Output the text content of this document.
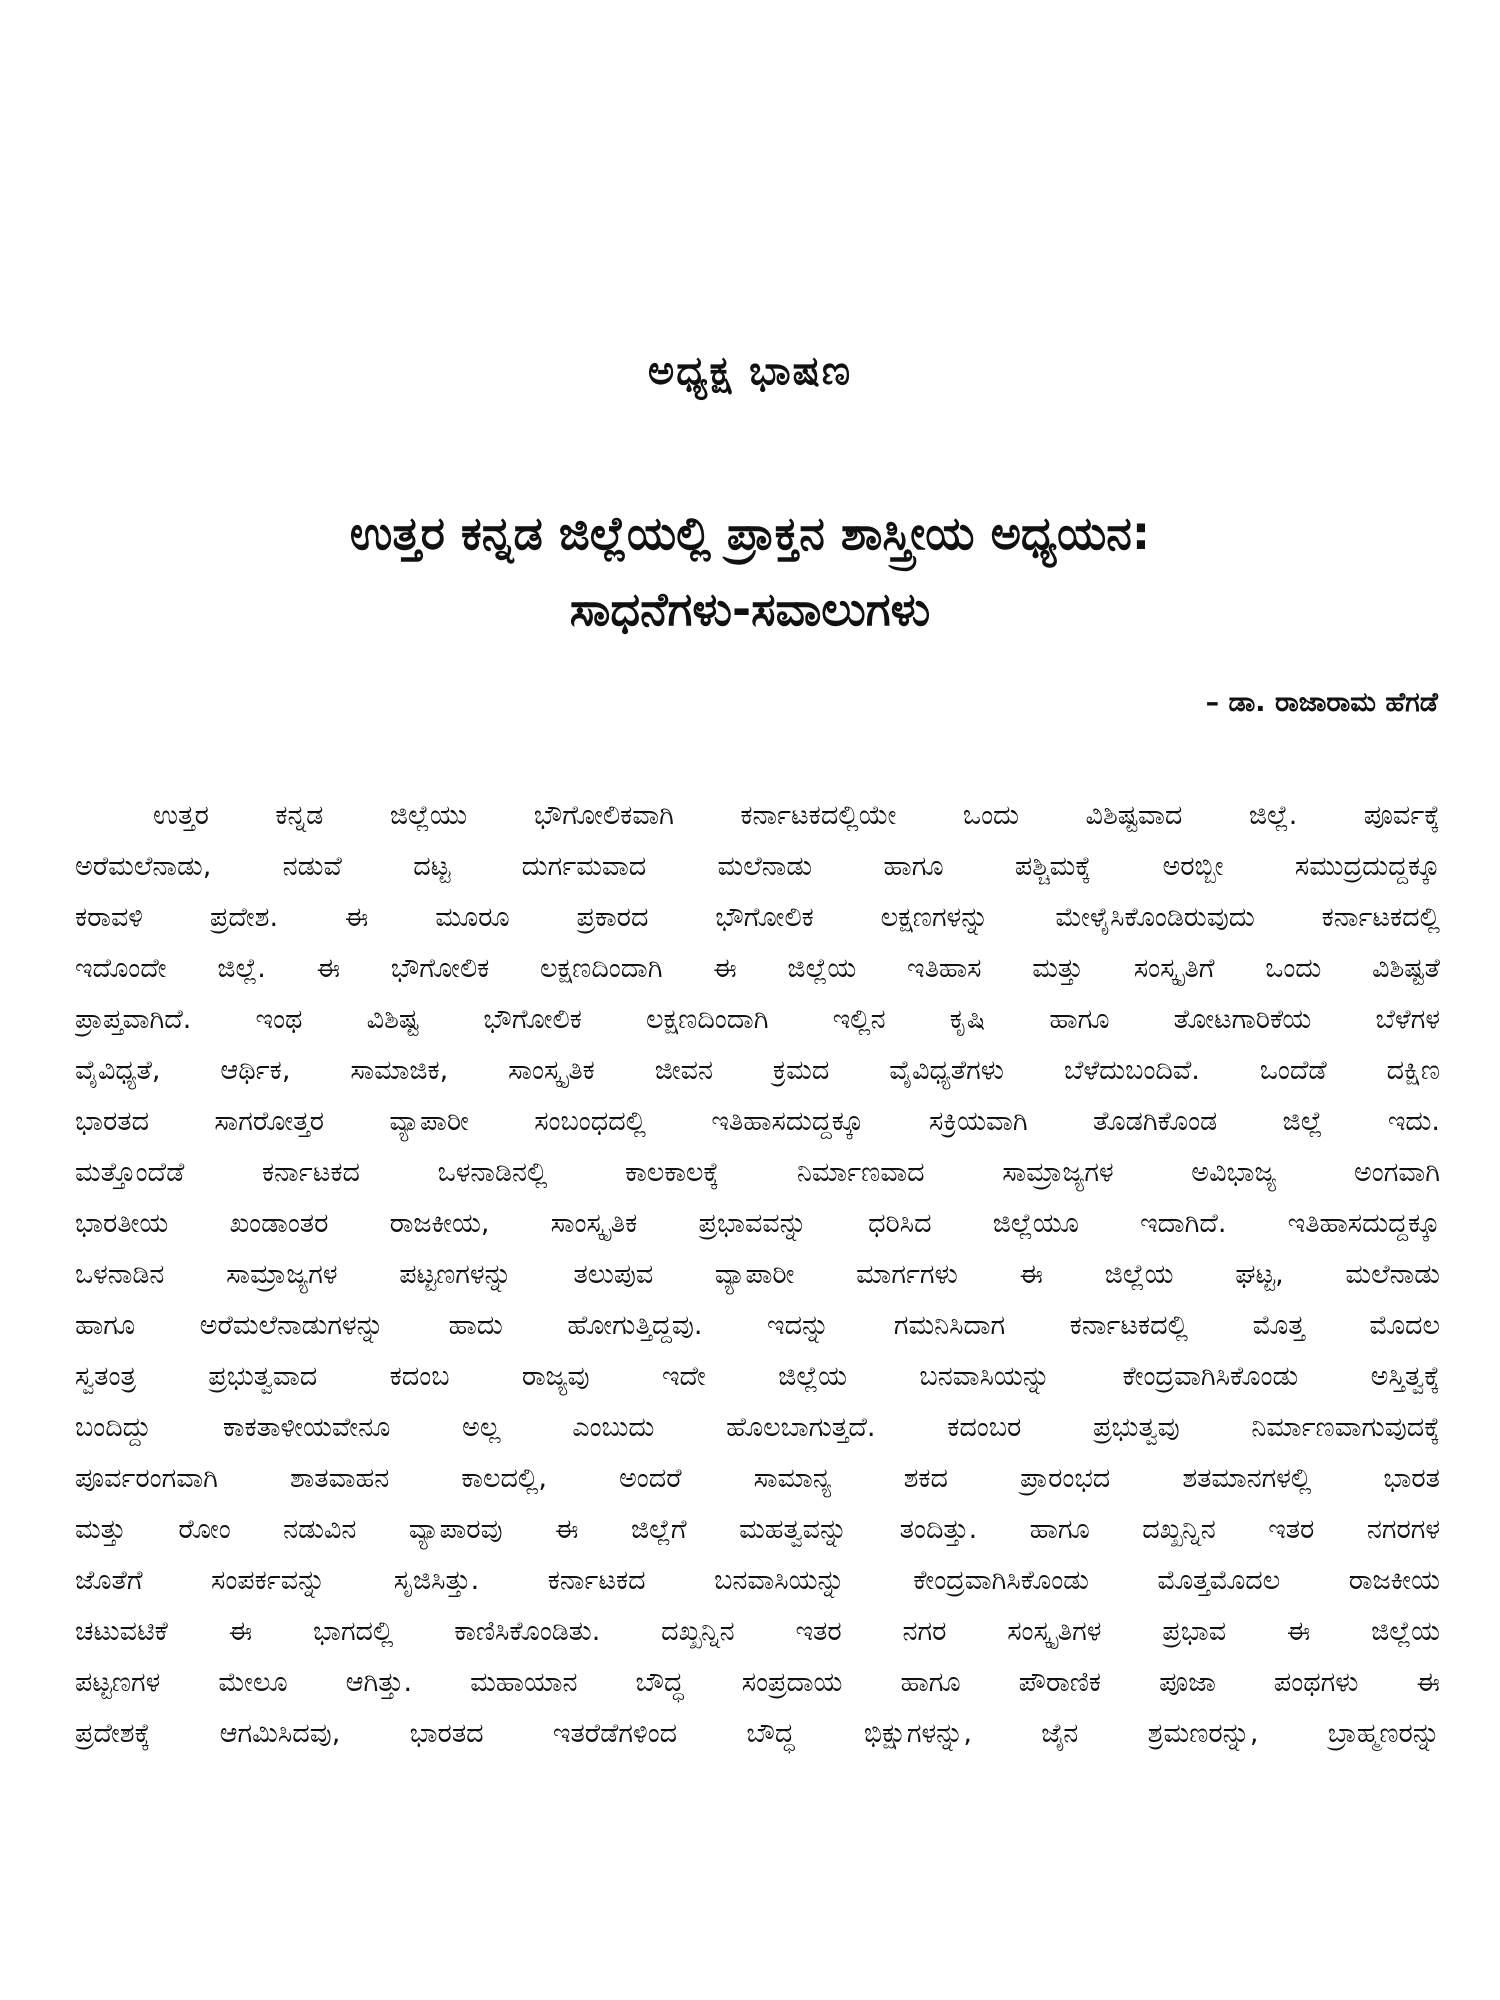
ಅಧ್ಯಕ್ಷ ಭಾಷಣ
ಉತ್ತರ ಕನ್ನಡ ಜಿಲ್ಲೆಯಲ್ಲಿ ಪ್ರಾಕ್ತನ ಶಾಸ್ತ್ರೀಯ ಅಧ್ಯಯನ:
ಸಾಧನೆಗಳು-ಸವಾಲುಗಳು
– ಡಾ. ರಾಜಾರಾಮ ಹೆಗಡೆ
ಉತ್ತರ ಕನ್ನಡ ಜಿಲ್ಲೆಯು ಭೌಗೋಲಿಕವಾಗಿ ಕರ್ನಾಟಕದಲ್ಲಿಯೇ ಒಂದು ವಿಶಿಷ್ಟವಾದ ಜಿಲ್ಲೆ. ಪೂರ್ವಕ್ಕೆ
ಅರೆಮಲೆನಾಡು, ನಡುವೆ ದಟ್ಟ ದುರ್ಗಮವಾದ ಮಲೆನಾಡು ಹಾಗೂ ಪಶ್ಚಿಮಕ್ಕೆ ಅರಬ್ಬೀ ಸಮುದ್ರದುದ್ದಕ್ಕೂ
ಕರಾವಳಿ ಪ್ರದೇಶ. ಈ ಮೂರೂ ಪ್ರಕಾರದ ಭೌಗೋಲಿಕ ಲಕ್ಷಣಗಳನ್ನು ಮೇಳೈಸಿಕೊಂಡಿರುವುದು ಕರ್ನಾಟಕದಲ್ಲಿ
ಇದೊಂದೇ ಜಿಲ್ಲೆ. ಈ ಭೌಗೋಲಿಕ ಲಕ್ಷಣದಿಂದಾಗಿ ಈ ಜಿಲ್ಲೆಯ ಇತಿಹಾಸ ಮತ್ತು ಸಂಸ್ಕೃತಿಗೆ ಒಂದು ವಿಶಿಷ್ಟತೆ
ಪ್ರಾಪ್ತವಾಗಿದೆ. ಇಂಥ ವಿಶಿಷ್ಟ ಭೌಗೋಲಿಕ ಲಕ್ಷಣದಿಂದಾಗಿ ಇಲ್ಲಿನ ಕೃಷಿ ಹಾಗೂ ತೋಟಗಾರಿಕೆಯ ಬೆಳೆಗಳ
ವೈವಿಧ್ಯತೆ, ಆರ್ಥಿಕ, ಸಾಮಾಜಿಕ, ಸಾಂಸ್ಕೃತಿಕ ಜೀವನ ಕ್ರಮದ ವೈವಿಧ್ಯತೆಗಳು ಬೆಳೆದುಬಂದಿವೆ. ಒಂದೆಡೆ ದಕ್ಷಿಣ
ಭಾರತದ ಸಾಗರೋತ್ತರ ವ್ಯಾಪಾರೀ ಸಂಬಂಧದಲ್ಲಿ ಇತಿಹಾಸದುದ್ದಕ್ಕೂ ಸಕ್ರಿಯವಾಗಿ ತೊಡಗಿಕೊಂಡ ಜಿಲ್ಲೆ ಇದು.
ಮತ್ತೊಂದೆಡೆ ಕರ್ನಾಟಕದ ಒಳನಾಡಿನಲ್ಲಿ ಕಾಲಕಾಲಕ್ಕೆ ನಿರ್ಮಾಣವಾದ ಸಾಮ್ರಾಜ್ಯಗಳ ಅವಿಭಾಜ್ಯ ಅಂಗವಾಗಿ
ಭಾರತೀಯ ಖಂಡಾಂತರ ರಾಜಕೀಯ, ಸಾಂಸ್ಕೃತಿಕ ಪ್ರಭಾವವನ್ನು ಧರಿಸಿದ ಜಿಲ್ಲೆಯೂ ಇದಾಗಿದೆ. ಇತಿಹಾಸದುದ್ದಕ್ಕೂ
ಒಳನಾಡಿನ ಸಾಮ್ರಾಜ್ಯಗಳ ಪಟ್ಟಣಗಳನ್ನು ತಲುಪುವ ವ್ಯಾಪಾರೀ ಮಾರ್ಗಗಳು ಈ ಜಿಲ್ಲೆಯ ಘಟ್ಟ, ಮಲೆನಾಡು
ಹಾಗೂ ಅರೆಮಲೆನಾಡುಗಳನ್ನು ಹಾದು ಹೋಗುತ್ತಿದ್ದವು. ಇದನ್ನು ಗಮನಿಸಿದಾಗ ಕರ್ನಾಟಕದಲ್ಲಿ ಮೊತ್ತ ಮೊದಲ
ಸ್ವತಂತ್ರ ಪ್ರಭುತ್ವವಾದ ಕದಂಬ ರಾಜ್ಯವು ಇದೇ ಜಿಲ್ಲೆಯ ಬನವಾಸಿಯನ್ನು ಕೇಂದ್ರವಾಗಿಸಿಕೊಂಡು ಅಸ್ತಿತ್ವಕ್ಕೆ
ಬಂದಿದ್ದು ಕಾಕತಾಳೀಯವೇನೂ ಅಲ್ಲ ಎಂಬುದು ಹೊಲಬಾಗುತ್ತದೆ. ಕದಂಬರ ಪ್ರಭುತ್ವವು ನಿರ್ಮಾಣವಾಗುವುದಕ್ಕೆ
ಪೂರ್ವರಂಗವಾಗಿ ಶಾತವಾಹನ ಕಾಲದಲ್ಲಿ, ಅಂದರೆ ಸಾಮಾನ್ಯ ಶಕದ ಪ್ರಾರಂಭದ ಶತಮಾನಗಳಲ್ಲಿ ಭಾರತ
ಮತ್ತು ರೋಂ ನಡುವಿನ ವ್ಯಾಪಾರವು ಈ ಜಿಲ್ಲೆಗೆ ಮಹತ್ವವನ್ನು ತಂದಿತ್ತು. ಹಾಗೂ ದಖ್ಖನ್ನಿನ ಇತರ ನಗರಗಳ
ಜೊತೆಗೆ ಸಂಪರ್ಕವನ್ನು ಸೃಜಿಸಿತ್ತು. ಕರ್ನಾಟಕದ ಬನವಾಸಿಯನ್ನು ಕೇಂದ್ರವಾಗಿಸಿಕೊಂಡು ಮೊತ್ತಮೊದಲ ರಾಜಕೀಯ
ಚಟುವಟಿಕೆ ಈ ಭಾಗದಲ್ಲಿ ಕಾಣಿಸಿಕೊಂಡಿತು. ದಖ್ಖನ್ನಿನ ಇತರ ನಗರ ಸಂಸ್ಕೃತಿಗಳ ಪ್ರಭಾವ ಈ ಜಿಲ್ಲೆಯ
ಪಟ್ಟಣಗಳ ಮೇಲೂ ಆಗಿತ್ತು. ಮಹಾಯಾನ ಬೌದ್ಧ ಸಂಪ್ರದಾಯ ಹಾಗೂ ಪೌರಾಣಿಕ ಪೂಜಾ ಪಂಥಗಳು ಈ
ಪ್ರದೇಶಕ್ಕೆ ಆಗಮಿಸಿದವು, ಭಾರತದ ಇತರೆಡೆಗಳಿಂದ ಬೌದ್ಧ ಭಿಕ್ಷುಗಳನ್ನು, ಜೈನ ಶ್ರಮಣರನ್ನು, ಬ್ರಾಹ್ಮಣರನ್ನು
